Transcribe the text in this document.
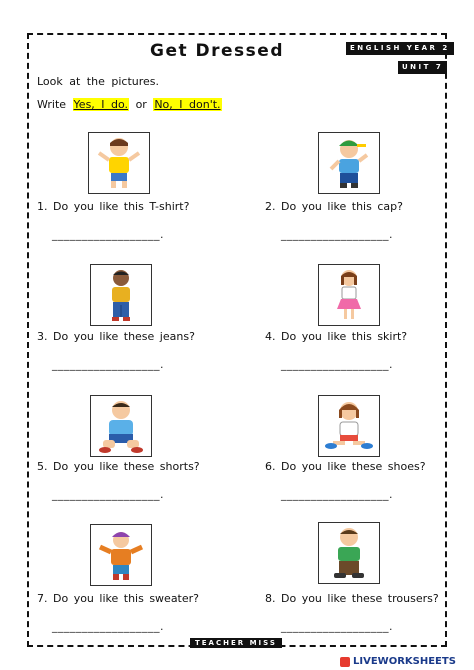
Get Dressed	ENGLISH YEAR 2
UNIT 7
Look at the pictures.
Write Yes, I do. or No, I don't.
1. Do you like this T-shirt?	2. Do you like this cap?
__________________.	__________________.
3. Do you like these jeans?	4. Do you like this skirt?
__________________.	__________________.
5. Do you like these shorts?	6. Do you like these shoes?
__________________.	__________________.
7. Do you like this sweater?	8. Do you like these trousers?
__________________.	__________________.
TEACHER MISS
LIVEWORKSHEETS
